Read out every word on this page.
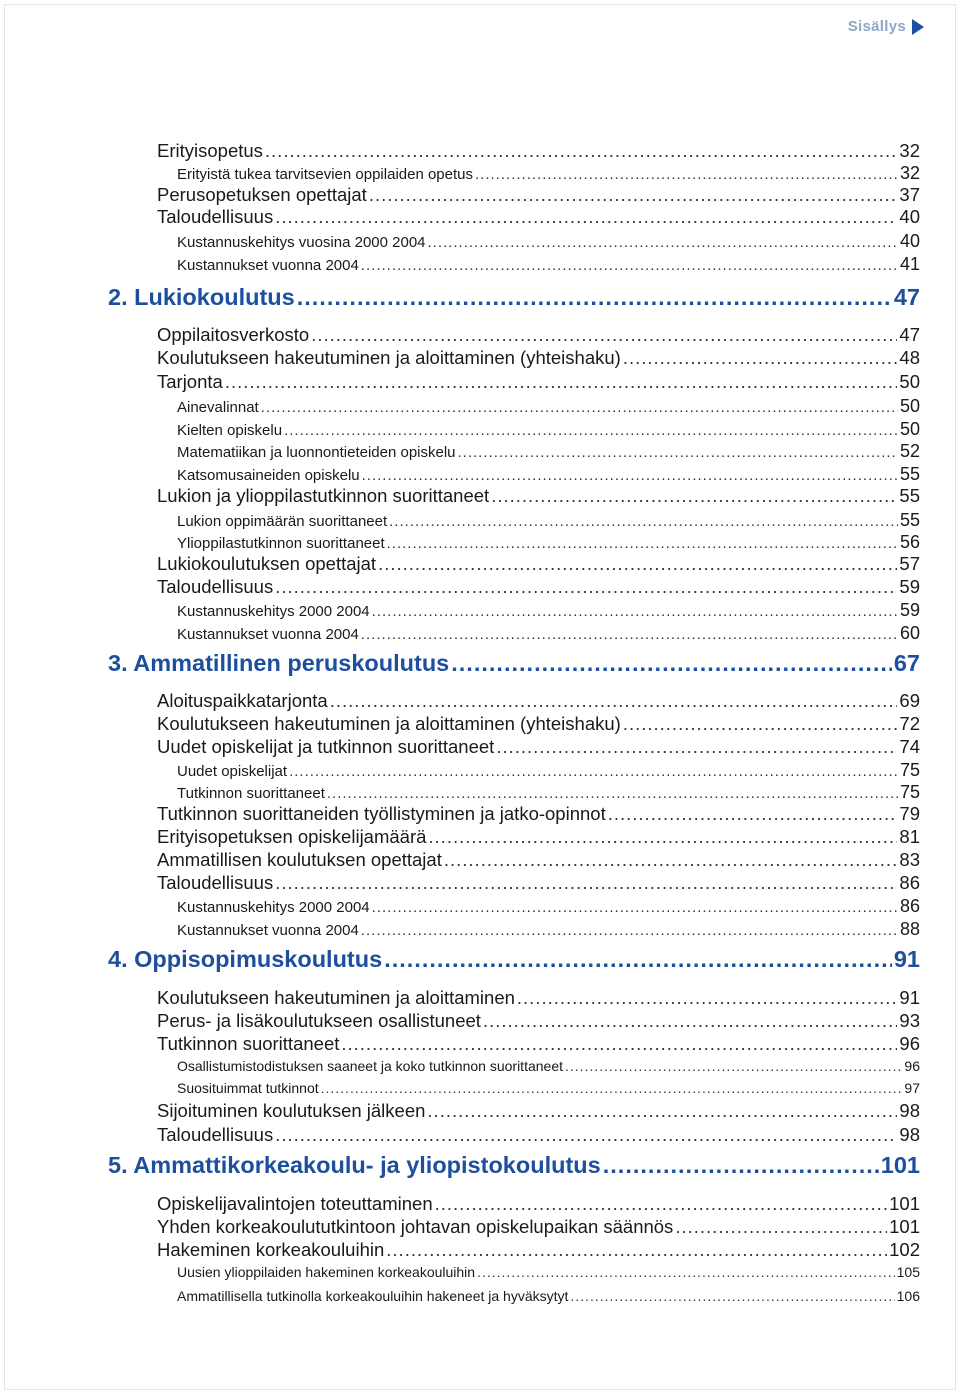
Sisällys
Erityisopetus .....	32
Erityistä tukea tarvitsevien oppilaiden opetus .....	32
Perusopetuksen opettajat .....	37
Taloudellisuus .....	40
Kustannuskehitys vuosina 2000 2004 .....	40
Kustannukset vuonna 2004 .....	41
2. Lukiokoulutus .....	47
Oppilaitosverkosto .....	47
Koulutukseen hakeutuminen ja aloittaminen (yhteishaku) .....	48
Tarjonta .....	50
Ainevalinnat .....	50
Kielten opiskelu .....	50
Matematiikan ja luonnontieteiden opiskelu .....	52
Katsomusaineiden opiskelu .....	55
Lukion ja ylioppilastutkinnon suorittaneet .....	55
Lukion oppimäärän suorittaneet .....	55
Ylioppilastutkinnon suorittaneet .....	56
Lukiokoulutuksen opettajat .....	57
Taloudellisuus .....	59
Kustannuskehitys 2000 2004 .....	59
Kustannukset vuonna 2004 .....	60
3. Ammatillinen peruskoulutus .....	67
Aloituspaikkatarjonta .....	69
Koulutukseen hakeutuminen ja aloittaminen (yhteishaku) .....	72
Uudet opiskelijat ja tutkinnon suorittaneet .....	74
Uudet opiskelijat .....	75
Tutkinnon suorittaneet .....	75
Tutkinnon suorittaneiden työllistyminen ja jatko-opinnot .....	79
Erityisopetuksen opiskelijamäärä .....	81
Ammatillisen koulutuksen opettajat .....	83
Taloudellisuus .....	86
Kustannuskehitys 2000 2004 .....	86
Kustannukset vuonna 2004 .....	88
4. Oppisopimuskoulutus .....	91
Koulutukseen hakeutuminen ja aloittaminen .....	91
Perus- ja lisäkoulutukseen osallistuneet .....	93
Tutkinnon suorittaneet .....	96
Osallistumistodistuksen saaneet ja koko tutkinnon suorittaneet .....	96
Suosituimmat tutkinnot .....	97
Sijoituminen koulutuksen jälkeen .....	98
Taloudellisuus .....	98
5. Ammattikorkeakoulu- ja yliopistokoulutus .....	101
Opiskelijavalintojen toteuttaminen .....	101
Yhden korkeakoulututkintoon johtavan opiskelupaikan säännös .....	101
Hakeminen korkeakouluihin .....	102
Uusien ylioppilaiden hakeminen korkeakouluihin .....	105
Ammatillisella tutkinolla korkeakouluihin hakeneet ja hyväksytyt .....	106
